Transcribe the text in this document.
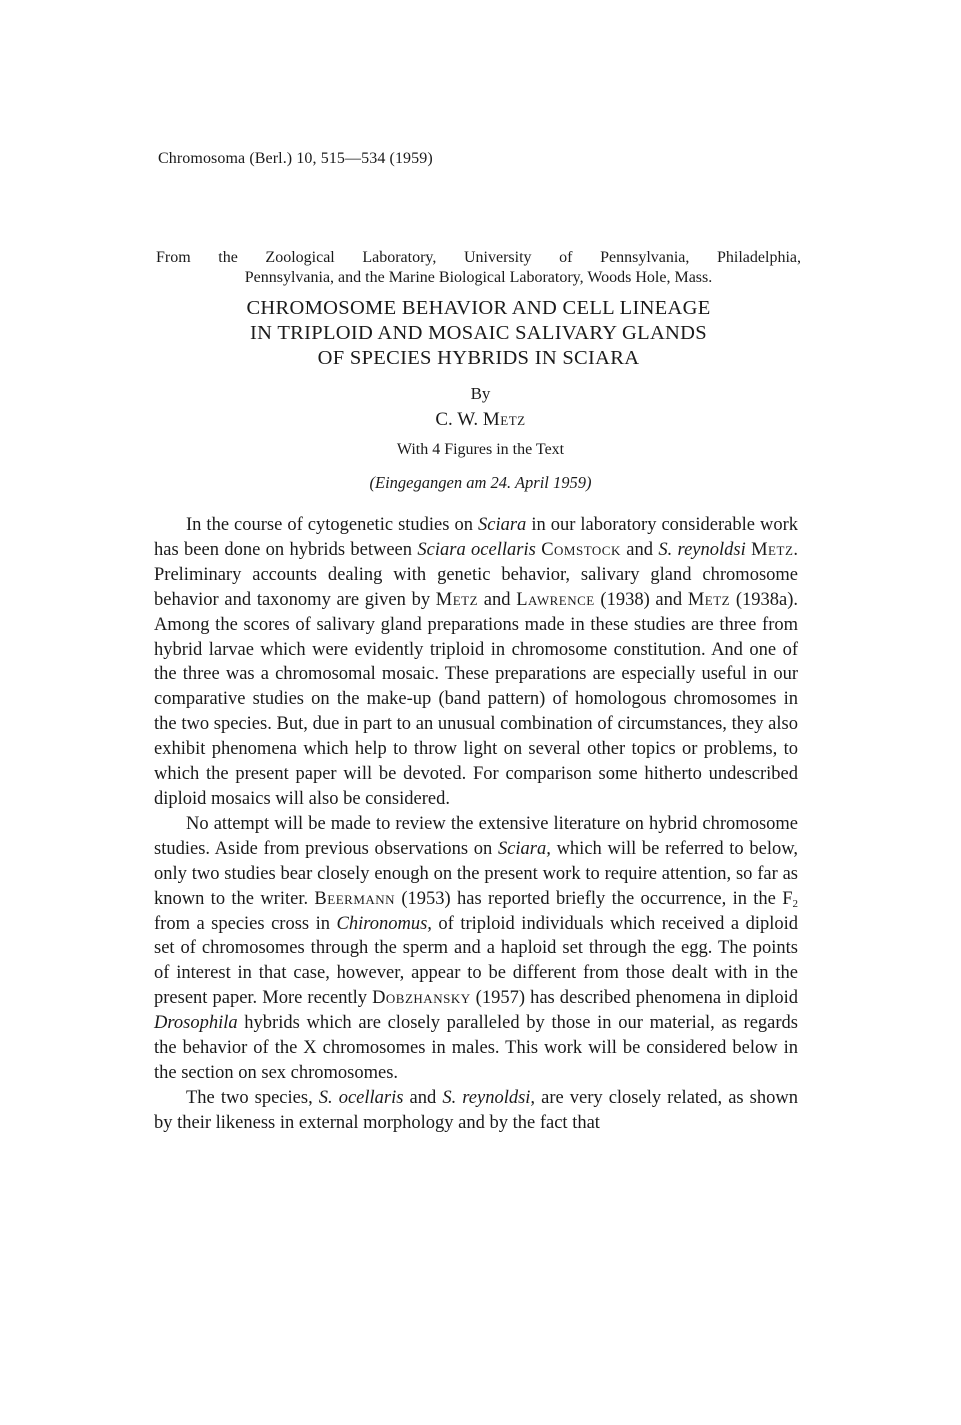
Chromosoma (Berl.) 10, 515—534 (1959)
From the Zoological Laboratory, University of Pennsylvania, Philadelphia,
Pennsylvania, and the Marine Biological Laboratory, Woods Hole, Mass.
CHROMOSOME BEHAVIOR AND CELL LINEAGE
IN TRIPLOID AND MOSAIC SALIVARY GLANDS
OF SPECIES HYBRIDS IN SCIARA
By
C. W. Metz
With 4 Figures in the Text
(Eingegangen am 24. April 1959)

In the course of cytogenetic studies on Sciara in our laboratory considerable work has been done on hybrids between Sciara ocellaris Comstock and S. reynoldsi Metz. Preliminary accounts dealing with genetic behavior, salivary gland chromosome behavior and taxonomy are given by Metz and Lawrence (1938) and Metz (1938a). Among the scores of salivary gland preparations made in these studies are three from hybrid larvae which were evidently triploid in chromosome constitution. And one of the three was a chromosomal mosaic. These preparations are especially useful in our comparative studies on the make-up (band pattern) of homologous chromosomes in the two species. But, due in part to an unusual combination of circumstances, they also exhibit phenomena which help to throw light on several other topics or problems, to which the present paper will be devoted. For comparison some hitherto undescribed diploid mosaics will also be considered.

No attempt will be made to review the extensive literature on hybrid chromosome studies. Aside from previous observations on Sciara, which will be referred to below, only two studies bear closely enough on the present work to require attention, so far as known to the writer. Beermann (1953) has reported briefly the occurrence, in the $F_2$ from a species cross in Chironomus, of triploid individuals which received a diploid set of chromosomes through the sperm and a haploid set through the egg. The points of interest in that case, however, appear to be different from those dealt with in the present paper. More recently Dobzhansky (1957) has described phenomena in diploid Drosophila hybrids which are closely paralleled by those in our material, as regards the behavior of the X chromosomes in males. This work will be considered below in the section on sex chromosomes.

The two species, S. ocellaris and S. reynoldsi, are very closely related, as shown by their likeness in external morphology and by the fact that
